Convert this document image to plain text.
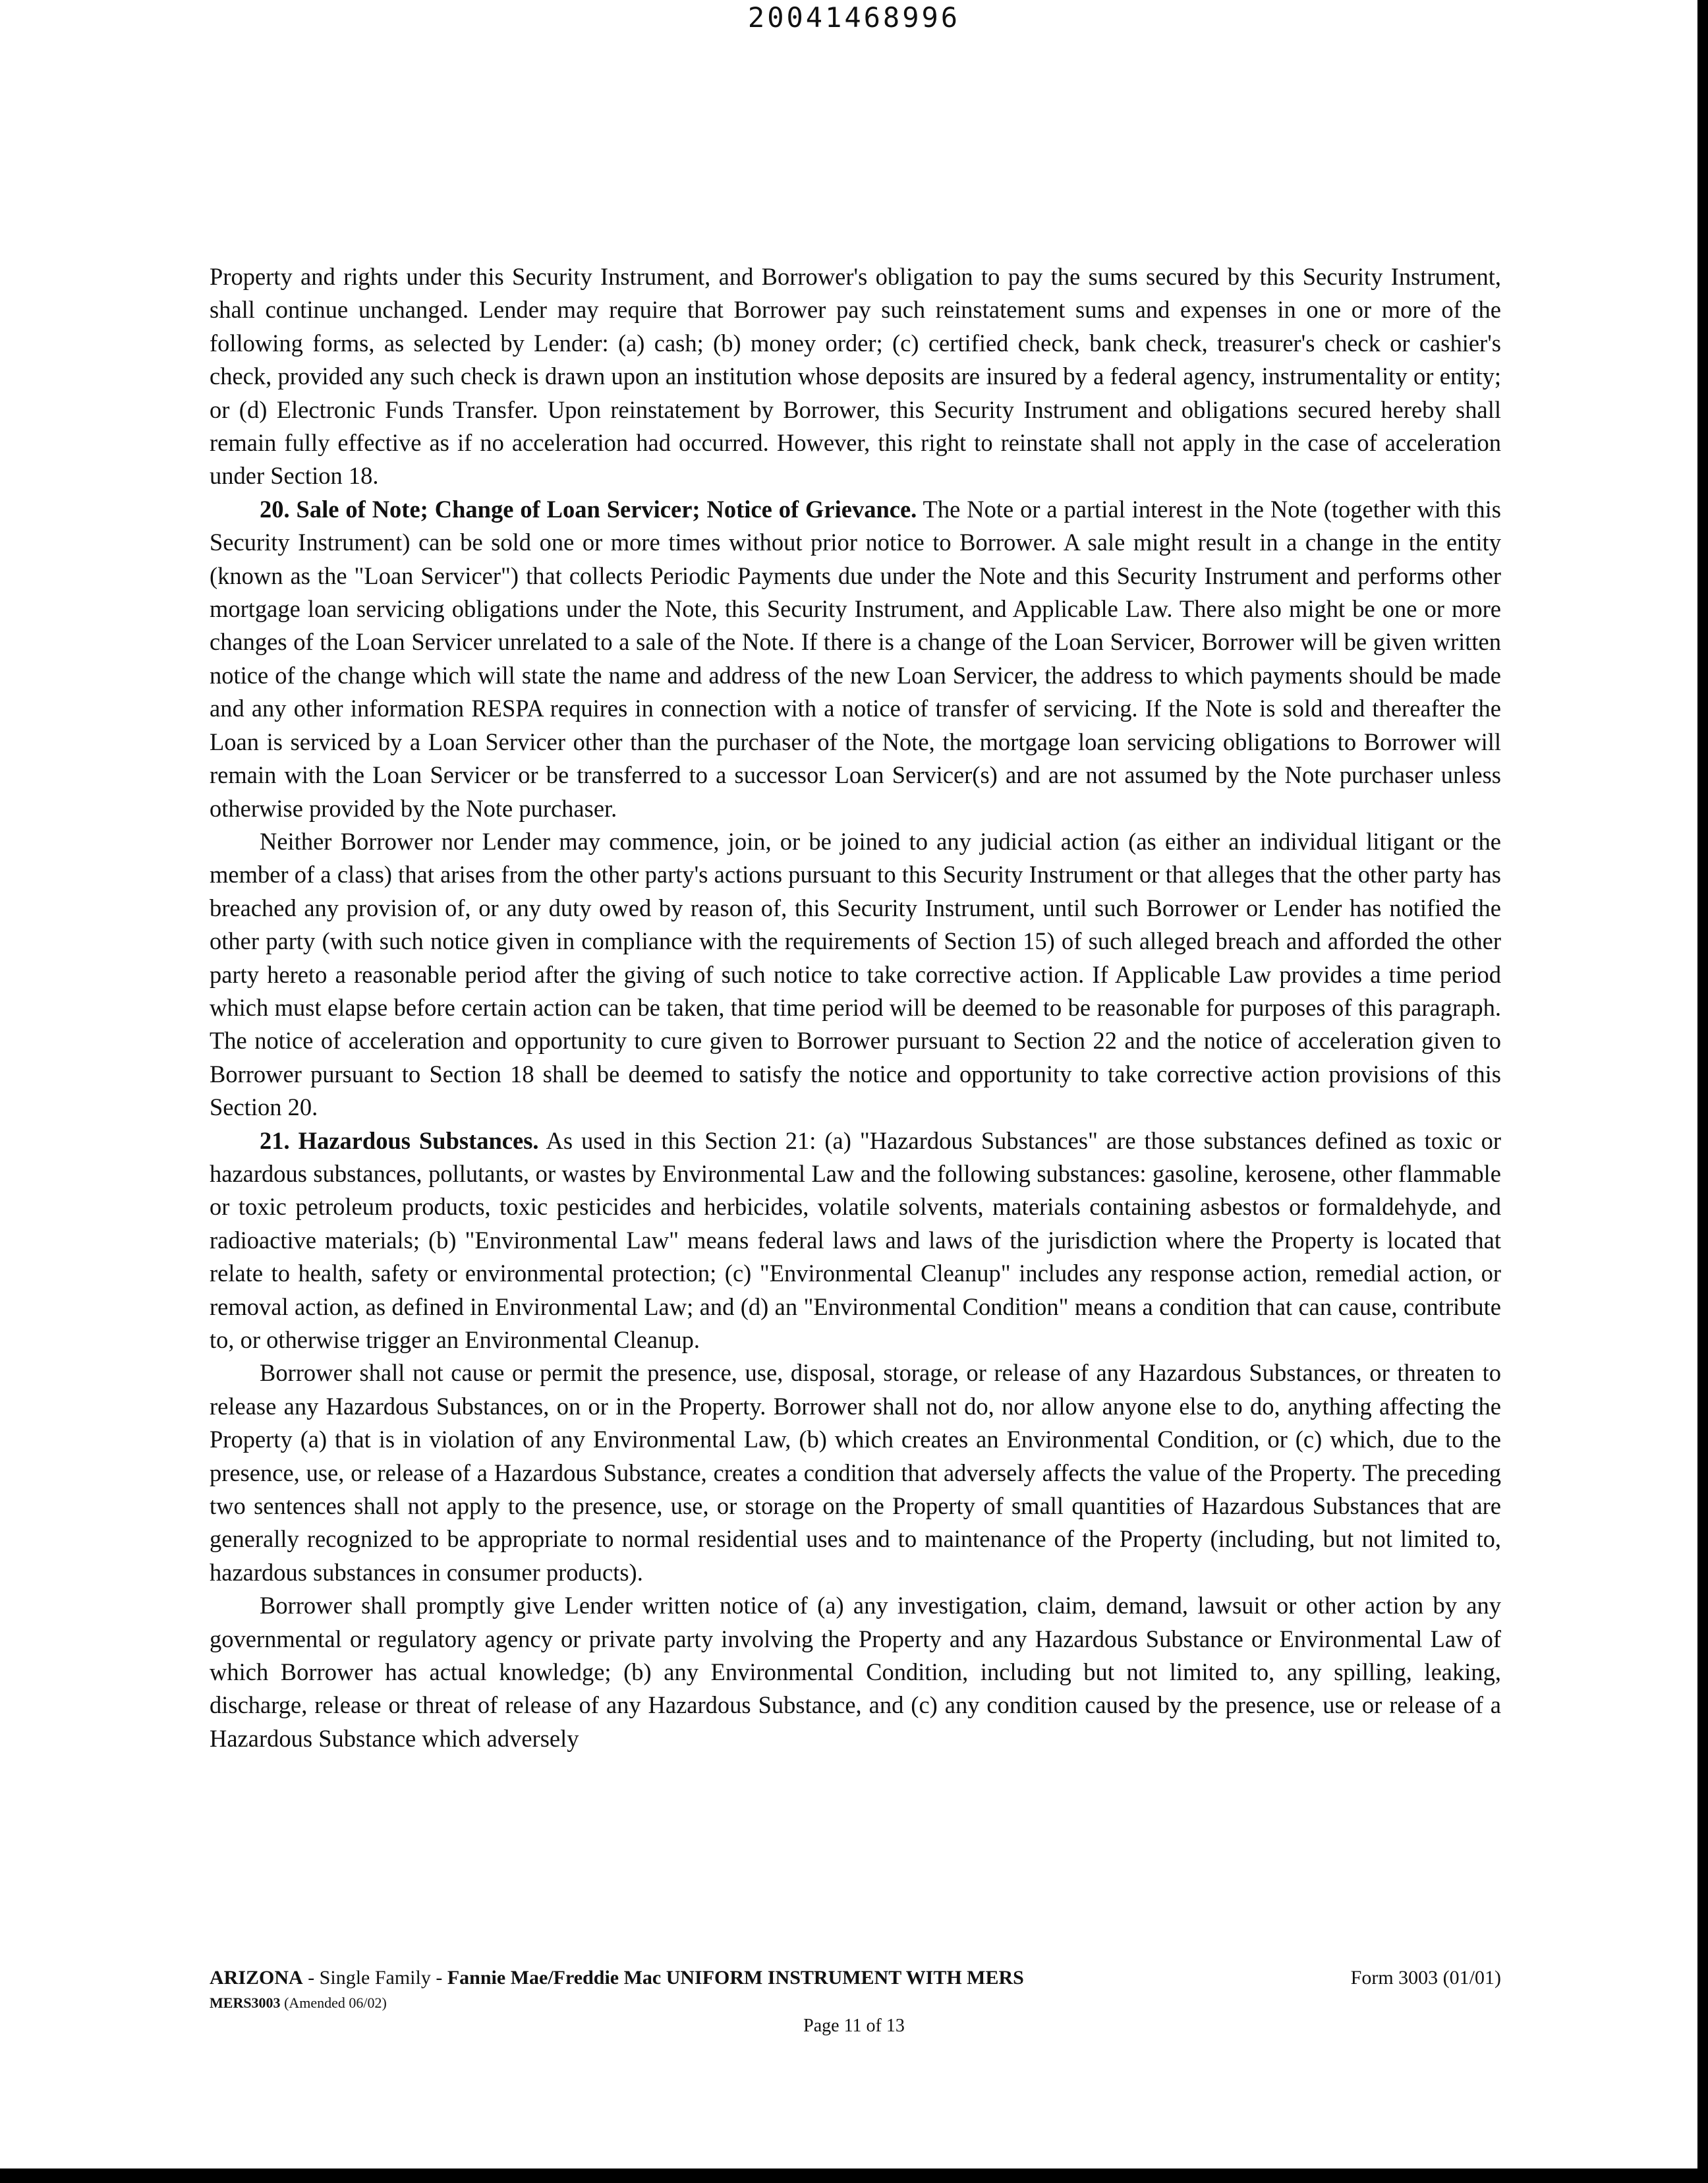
20041468996

Property and rights under this Security Instrument, and Borrower's obligation to pay the sums secured by this Security Instrument, shall continue unchanged. Lender may require that Borrower pay such reinstatement sums and expenses in one or more of the following forms, as selected by Lender: (a) cash; (b) money order; (c) certified check, bank check, treasurer's check or cashier's check, provided any such check is drawn upon an institution whose deposits are insured by a federal agency, instrumentality or entity; or (d) Electronic Funds Transfer. Upon reinstatement by Borrower, this Security Instrument and obligations secured hereby shall remain fully effective as if no acceleration had occurred. However, this right to reinstate shall not apply in the case of acceleration under Section 18.

20. Sale of Note; Change of Loan Servicer; Notice of Grievance. The Note or a partial interest in the Note (together with this Security Instrument) can be sold one or more times without prior notice to Borrower. A sale might result in a change in the entity (known as the "Loan Servicer") that collects Periodic Payments due under the Note and this Security Instrument and performs other mortgage loan servicing obligations under the Note, this Security Instrument, and Applicable Law. There also might be one or more changes of the Loan Servicer unrelated to a sale of the Note. If there is a change of the Loan Servicer, Borrower will be given written notice of the change which will state the name and address of the new Loan Servicer, the address to which payments should be made and any other information RESPA requires in connection with a notice of transfer of servicing. If the Note is sold and thereafter the Loan is serviced by a Loan Servicer other than the purchaser of the Note, the mortgage loan servicing obligations to Borrower will remain with the Loan Servicer or be transferred to a successor Loan Servicer(s) and are not assumed by the Note purchaser unless otherwise provided by the Note purchaser.

Neither Borrower nor Lender may commence, join, or be joined to any judicial action (as either an individual litigant or the member of a class) that arises from the other party's actions pursuant to this Security Instrument or that alleges that the other party has breached any provision of, or any duty owed by reason of, this Security Instrument, until such Borrower or Lender has notified the other party (with such notice given in compliance with the requirements of Section 15) of such alleged breach and afforded the other party hereto a reasonable period after the giving of such notice to take corrective action. If Applicable Law provides a time period which must elapse before certain action can be taken, that time period will be deemed to be reasonable for purposes of this paragraph. The notice of acceleration and opportunity to cure given to Borrower pursuant to Section 22 and the notice of acceleration given to Borrower pursuant to Section 18 shall be deemed to satisfy the notice and opportunity to take corrective action provisions of this Section 20.

21. Hazardous Substances. As used in this Section 21: (a) "Hazardous Substances" are those substances defined as toxic or hazardous substances, pollutants, or wastes by Environmental Law and the following substances: gasoline, kerosene, other flammable or toxic petroleum products, toxic pesticides and herbicides, volatile solvents, materials containing asbestos or formaldehyde, and radioactive materials; (b) "Environmental Law" means federal laws and laws of the jurisdiction where the Property is located that relate to health, safety or environmental protection; (c) "Environmental Cleanup" includes any response action, remedial action, or removal action, as defined in Environmental Law; and (d) an "Environmental Condition" means a condition that can cause, contribute to, or otherwise trigger an Environmental Cleanup.

Borrower shall not cause or permit the presence, use, disposal, storage, or release of any Hazardous Substances, or threaten to release any Hazardous Substances, on or in the Property. Borrower shall not do, nor allow anyone else to do, anything affecting the Property (a) that is in violation of any Environmental Law, (b) which creates an Environmental Condition, or (c) which, due to the presence, use, or release of a Hazardous Substance, creates a condition that adversely affects the value of the Property. The preceding two sentences shall not apply to the presence, use, or storage on the Property of small quantities of Hazardous Substances that are generally recognized to be appropriate to normal residential uses and to maintenance of the Property (including, but not limited to, hazardous substances in consumer products).

Borrower shall promptly give Lender written notice of (a) any investigation, claim, demand, lawsuit or other action by any governmental or regulatory agency or private party involving the Property and any Hazardous Substance or Environmental Law of which Borrower has actual knowledge; (b) any Environmental Condition, including but not limited to, any spilling, leaking, discharge, release or threat of release of any Hazardous Substance, and (c) any condition caused by the presence, use or release of a Hazardous Substance which adversely

ARIZONA - Single Family - Fannie Mae/Freddie Mac UNIFORM INSTRUMENT WITH MERS	Form 3003 (01/01)
MERS3003 (Amended 06/02)
Page 11 of 13
